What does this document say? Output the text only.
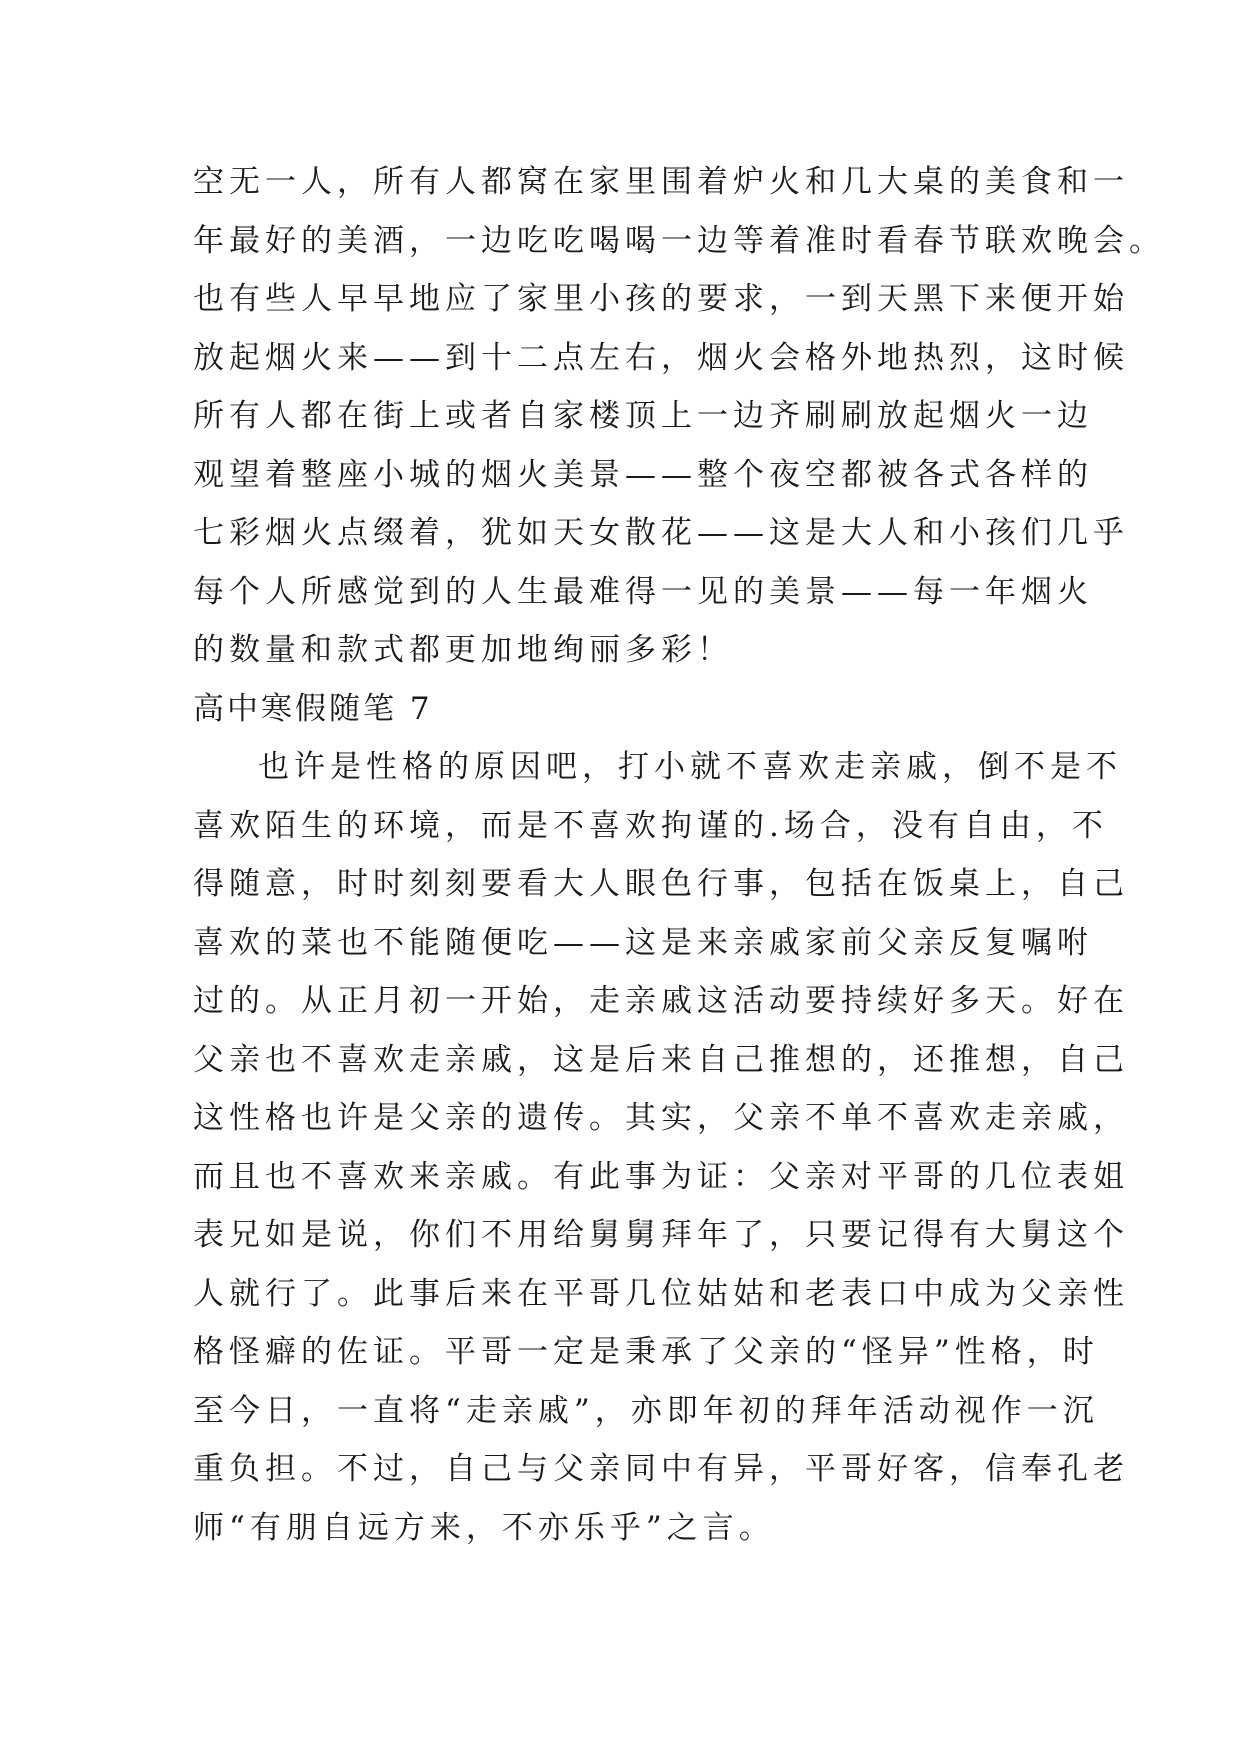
空无一人，所有人都窝在家里围着炉火和几大桌的美食和一
年最好的美酒，一边吃吃喝喝一边等着准时看春节联欢晚会。
也有些人早早地应了家里小孩的要求，一到天黑下来便开始
放起烟火来——到十二点左右，烟火会格外地热烈，这时候
所有人都在街上或者自家楼顶上一边齐刷刷放起烟火一边
观望着整座小城的烟火美景——整个夜空都被各式各样的
七彩烟火点缀着，犹如天女散花——这是大人和小孩们几乎
每个人所感觉到的人生最难得一见的美景——每一年烟火
的数量和款式都更加地绚丽多彩！
高中寒假随笔 7
也许是性格的原因吧，打小就不喜欢走亲戚，倒不是不
喜欢陌生的环境，而是不喜欢拘谨的.场合，没有自由，不
得随意，时时刻刻要看大人眼色行事，包括在饭桌上，自己
喜欢的菜也不能随便吃——这是来亲戚家前父亲反复嘱咐
过的。从正月初一开始，走亲戚这活动要持续好多天。好在
父亲也不喜欢走亲戚，这是后来自己推想的，还推想，自己
这性格也许是父亲的遗传。其实，父亲不单不喜欢走亲戚，
而且也不喜欢来亲戚。有此事为证：父亲对平哥的几位表姐
表兄如是说，你们不用给舅舅拜年了，只要记得有大舅这个
人就行了。此事后来在平哥几位姑姑和老表口中成为父亲性
格怪癖的佐证。平哥一定是秉承了父亲的“怪异”性格，时
至今日，一直将“走亲戚”，亦即年初的拜年活动视作一沉
重负担。不过，自己与父亲同中有异，平哥好客，信奉孔老
师“有朋自远方来，不亦乐乎”之言。
